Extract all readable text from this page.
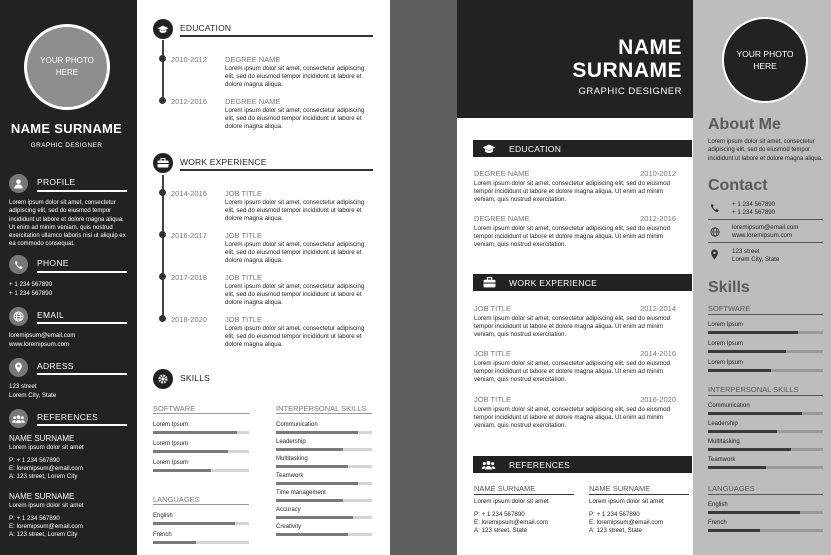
YOUR PHOTO HERE
NAME SURNAME
GRAPHIC DESIGNER
PROFILE
Lorem ipsum dolor sit amet, consectetur adipiscing elit, sed do eiusmod tempor incididunt ut labore et dolore magna aliqua. Ut enim ad minim veniam, quis nostrud exercitation ullamco laboris nisi ut aliquip ex ea commodo consequat.
PHONE
+ 1 234 567890
+ 1 234 567890
EMAIL
loremipsum@email.com
www.loremipsum.com
ADRESS
123 street
Lorem City, State
REFERENCES
NAME SURNAME
Lorem ipsum dolor sit amet
P: + 1 234 567890
E: loremipsum@email.com
A: 123 street, Lorem City
NAME SURNAME
Lorem ipsum dolor sit amet
P: + 1 234 567890
E: loremipsum@email.com
A: 123 street, Lorem City
EDUCATION
2010-2012 DEGREE NAME
Lorem ipsum dolor sit amet, consectetur adipiscing elit, sed do eiusmod tempor incididunt ut labore et dolore magna aliqua.
2012-2016 DEGREE NAME
Lorem ipsum dolor sit amet, consectetur adipiscing elit, sed do eiusmod tempor incididunt ut labore et dolore magna aliqua.
WORK EXPERIENCE
2014-2016 JOB TITLE
Lorem ipsum dolor sit amet, consectetur adipiscing elit, sed do eiusmod tempor incididunt ut labore et dolore magna aliqua.
2016-2017 JOB TITLE
Lorem ipsum dolor sit amet, consectetur adipiscing elit, sed do eiusmod tempor incididunt ut labore et dolore magna aliqua.
2017-2018 JOB TITLE
Lorem ipsum dolor sit amet, consectetur adipiscing elit, sed do eiusmod tempor incididunt ut labore et dolore magna aliqua.
2018-2020 JOB TITLE
Lorem ipsum dolor sit amet, consectetur adipiscing elit, sed do eiusmod tempor incididunt ut labore et dolore magna aliqua.
SKILLS
SOFTWARE
Lorem Ipsum
Lorem Ipsum
Lorem Ipsum
INTERPERSONAL SKILLS
Communication
Leadership
Multitasking
Teamwork
Time management
Accuracy
Creativity
LANGUAGES
English
French
NAME
SURNAME
GRAPHIC DESIGNER
YOUR PHOTO HERE
About Me
Lorem ipsum dolor sit amet, consectetur adipiscing elit, sed do eiusmod tempor incididunt ut labore et dolore magna aliqua.
Contact
+ 1 234 567890
+ 1 234 567890
loremipsum@email.com
www.loremipsum.com
123 street
Lorem City, State
Skills
SOFTWARE
Lorem Ipsum
Lorem Ipsum
Lorem Ipsum
INTERPERSONAL SKILLS
Communication
Leadership
Multitasking
Teamwork
LANGUAGES
English
French
EDUCATION
DEGREE NAME	2010-2012
Lorem ipsum dolor sit amet, consectetur adipiscing elit, sed do eiusmod tempor incididunt ut labore et dolore magna aliqua. Ut enim ad minim veniam, quis nostrud exercitation.
DEGREE NAME	2012-2016
Lorem ipsum dolor sit amet, consectetur adipiscing elit, sed do eiusmod tempor incididunt ut labore et dolore magna aliqua. Ut enim ad minim veniam, quis nostrud exercitation.
WORK EXPERIENCE
JOB TITLE	2012-2014
Lorem ipsum dolor sit amet, consectetur adipiscing elit, sed do eiusmod tempor incididunt ut labore et dolore magna aliqua. Ut enim ad minim veniam, quis nostrud exercitation.
JOB TITLE	2014-2016
Lorem ipsum dolor sit amet, consectetur adipiscing elit, sed do eiusmod tempor incididunt ut labore et dolore magna aliqua. Ut enim ad minim veniam, quis nostrud exercitation.
JOB TITLE	2016-2020
Lorem ipsum dolor sit amet, consectetur adipiscing elit, sed do eiusmod tempor incididunt ut labore et dolore magna aliqua. Ut enim ad minim veniam, quis nostrud exercitation.
REFERENCES
NAME SURNAME
Lorem ipsum dolor sit amet
P: + 1 234 567890
E: loremipsum@email.com
A: 123 street, State
NAME SURNAME
Lorem ipsum dolor sit amet
P: + 1 234 567890
E: loremipsum@email.com
A: 123 street, State
